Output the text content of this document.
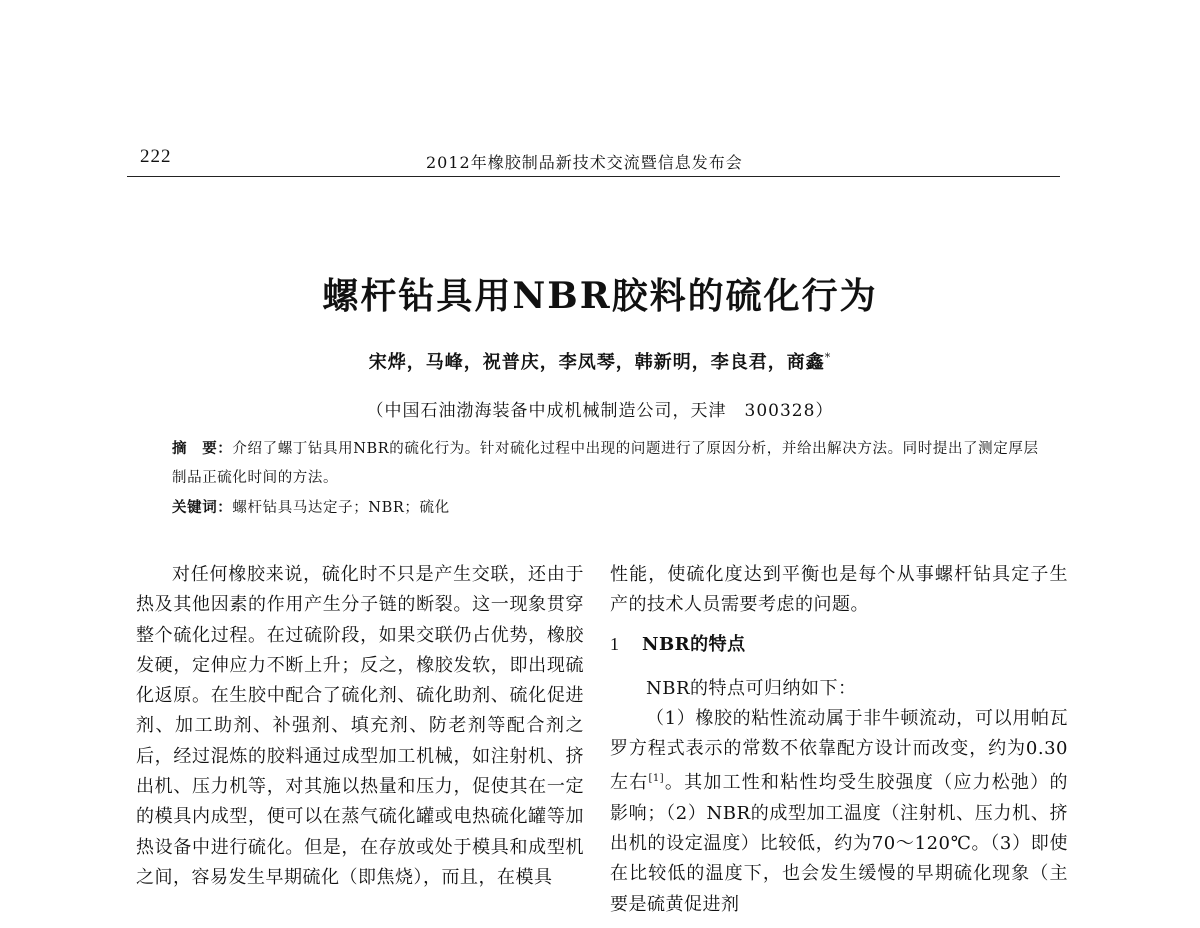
222	2012年橡胶制品新技术交流暨信息发布会
螺杆钻具用NBR胶料的硫化行为
宋烨，马峰，祝普庆，李凤琴，韩新明，李良君，商鑫*
（中国石油渤海装备中成机械制造公司，天津　300328）

摘　要：介绍了螺丁钻具用NBR的硫化行为。针对硫化过程中出现的问题进行了原因分析，并给出解决方法。同时提出了测定厚层制品正硫化时间的方法。

关键词：螺杆钻具马达定子；NBR；硫化

对任何橡胶来说，硫化时不只是产生交联，还由于热及其他因素的作用产生分子链的断裂。这一现象贯穿整个硫化过程。在过硫阶段，如果交联仍占优势，橡胶发硬，定伸应力不断上升；反之，橡胶发软，即出现硫化返原。在生胶中配合了硫化剂、硫化助剂、硫化促进剂、加工助剂、补强剂、填充剂、防老剂等配合剂之后，经过混炼的胶料通过成型加工机械，如注射机、挤出机、压力机等，对其施以热量和压力，促使其在一定的模具内成型，便可以在蒸气硫化罐或电热硫化罐等加热设备中进行硫化。但是，在存放或处于模具和成型机之间，容易发生早期硫化（即焦烧），而且，在模具

性能，使硫化度达到平衡也是每个从事螺杆钻具定子生产的技术人员需要考虑的问题。

1 NBR的特点

NBR的特点可归纳如下：

（1）橡胶的粘性流动属于非牛顿流动，可以用帕瓦罗方程式表示的常数不依靠配方设计而改变，约为0.30左右[1]。其加工性和粘性均受生胶强度（应力松弛）的影响；（2）NBR的成型加工温度（注射机、压力机、挤出机的设定温度）比较低，约为70～120℃。（3）即使在比较低的温度下，也会发生缓慢的早期硫化现象（主要是硫黄促进剂
